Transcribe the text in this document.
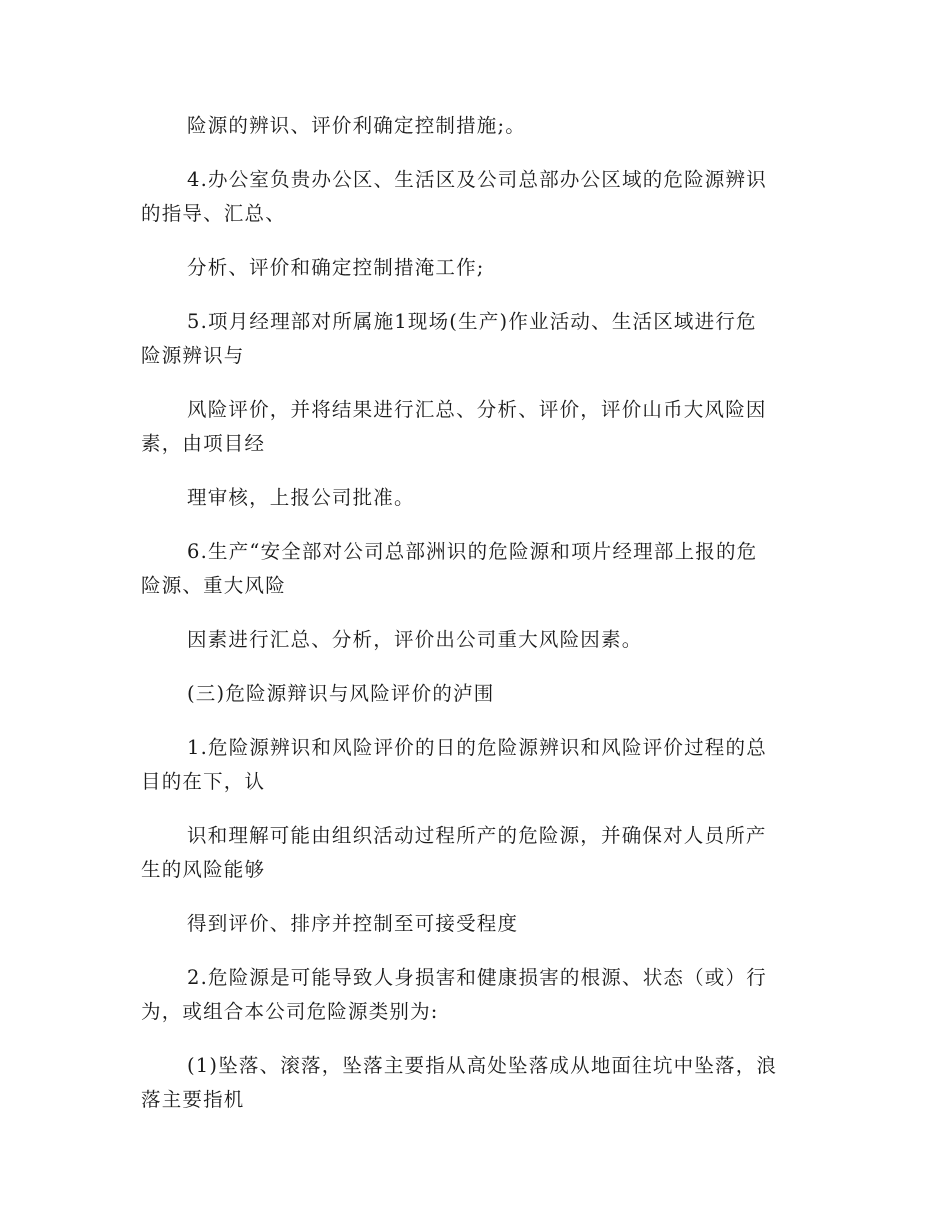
险源的辨识、评价利确定控制措施;。
4.办公室负贵办公区、生活区及公司总部办公区域的危险源辨识
的指导、汇总、
分析、评价和确定控制措淹工作;
5.项月经理部对所属施1现场(生产)作业活动、生活区域进行危
险源辨识与
风险评价，并将结果进行汇总、分析、评价，评价山币大风险因
素，由项目经
理审核，上报公司批准。
6.生产“安全部对公司总部洲识的危险源和项片经理部上报的危
险源、重大风险
因素进行汇总、分析，评价出公司重大风险因素。
(三)危险源辩识与风险评价的泸围
1.危险源辨识和风险评价的日的危险源辨识和风险评价过程的总
目的在下，认
识和理解可能由组织活动过程所产的危险源，并确保对人员所产
生的风险能够
得到评价、排序并控制至可接受程度
2.危险源是可能导致人身损害和健康损害的根源、状态（或）行
为，或组合本公司危险源类别为:
(1)坠落、滚落，坠落主要指从高处坠落成从地面往坑中坠落，浪
落主要指机
